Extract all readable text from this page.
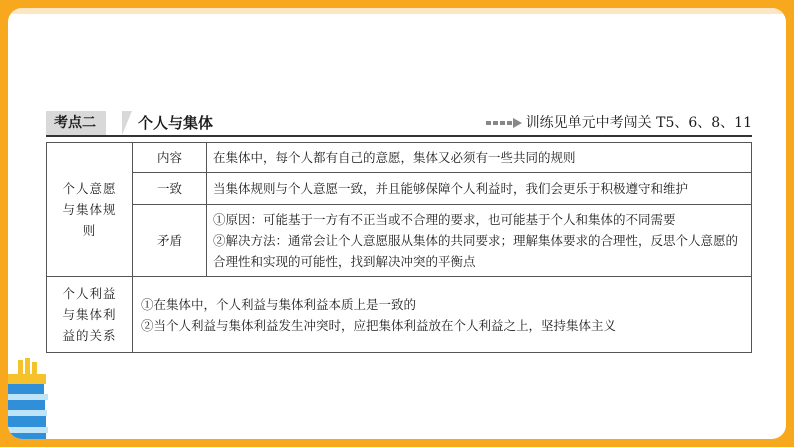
考点二	个人与集体	训练见单元中考闯关 T5、6、8、11
个人意愿与集体规则	内容	在集体中，每个人都有自己的意愿，集体又必须有一些共同的规则

	一致	当集体规则与个人意愿一致，并且能够保障个人利益时，我们会更乐于积极遵守和维护

	矛盾	①原因：可能基于一方有不正当或不合理的要求，也可能基于个人和集体的不同需要
②解决方法：通常会让个人意愿服从集体的共同要求；理解集体要求的合理性，反思个人意愿的合理性和实现的可能性，找到解决冲突的平衡点

个人利益与集体利益的关系	①在集体中，个人利益与集体利益本质上是一致的
②当个人利益与集体利益发生冲突时，应把集体利益放在个人利益之上，坚持集体主义	
